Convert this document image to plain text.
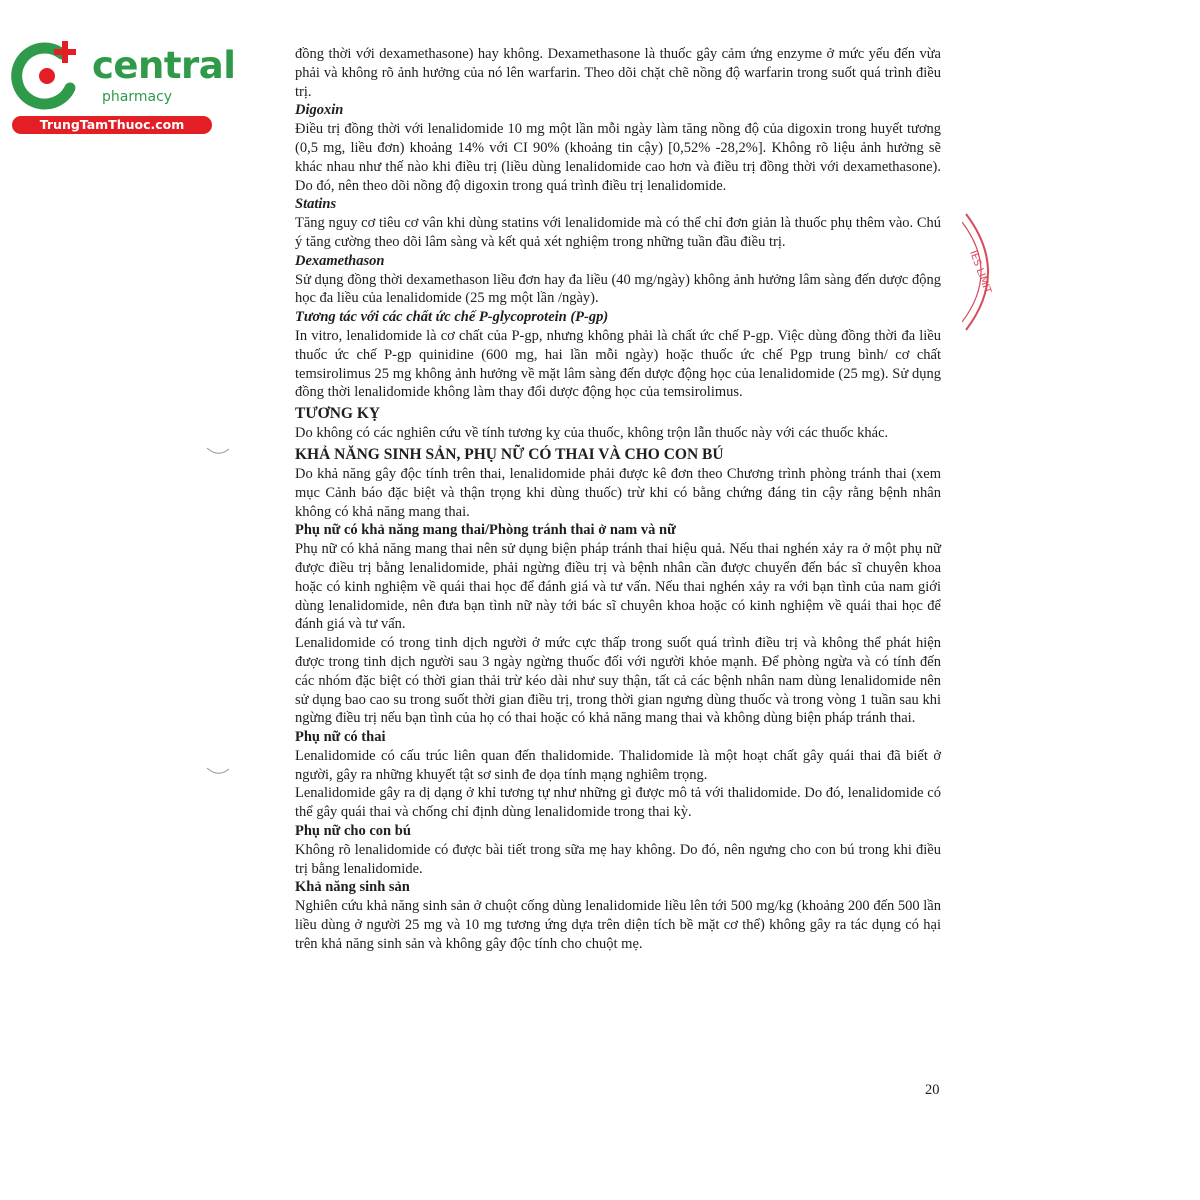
central
pharmacy
TrungTamThuoc.com
IES LIMIT

đồng thời với dexamethasone) hay không. Dexamethasone là thuốc gây cảm ứng enzyme ở mức yếu đến vừa phải và không rõ ảnh hưởng của nó lên warfarin. Theo dõi chặt chẽ nồng độ warfarin trong suốt quá trình điều trị.

Digoxin

Điều trị đồng thời với lenalidomide 10 mg một lần mỗi ngày làm tăng nồng độ của digoxin trong huyết tương (0,5 mg, liều đơn) khoảng 14% với CI 90% (khoảng tin cậy) [0,52% -28,2%]. Không rõ liệu ảnh hưởng sẽ khác nhau như thế nào khi điều trị (liều dùng lenalidomide cao hơn và điều trị đồng thời với dexamethasone). Do đó, nên theo dõi nồng độ digoxin trong quá trình điều trị lenalidomide.

Statins

Tăng nguy cơ tiêu cơ vân khi dùng statins với lenalidomide mà có thể chỉ đơn giản là thuốc phụ thêm vào. Chú ý tăng cường theo dõi lâm sàng và kết quả xét nghiệm trong những tuần đầu điều trị.

Dexamethason

Sử dụng đồng thời dexamethason liều đơn hay đa liều (40 mg/ngày) không ảnh hưởng lâm sàng đến dược động học đa liều của lenalidomide (25 mg một lần /ngày).

Tương tác với các chất ức chế P-glycoprotein (P-gp)

In vitro, lenalidomide là cơ chất của P-gp, nhưng không phải là chất ức chế P-gp. Việc dùng đồng thời đa liều thuốc ức chế P-gp quinidine (600 mg, hai lần mỗi ngày) hoặc thuốc ức chế Pgp trung bình/ cơ chất temsirolimus 25 mg không ảnh hưởng về mặt lâm sàng đến dược động học của lenalidomide (25 mg). Sử dụng đồng thời lenalidomide không làm thay đổi dược động học của temsirolimus.

TƯƠNG KỴ

Do không có các nghiên cứu về tính tương kỵ của thuốc, không trộn lẫn thuốc này với các thuốc khác.

KHẢ NĂNG SINH SẢN, PHỤ NỮ CÓ THAI VÀ CHO CON BÚ

Do khả năng gây độc tính trên thai, lenalidomide phải được kê đơn theo Chương trình phòng tránh thai (xem mục Cảnh báo đặc biệt và thận trọng khi dùng thuốc) trừ khi có bằng chứng đáng tin cậy rằng bệnh nhân không có khả năng mang thai.

Phụ nữ có khả năng mang thai/Phòng tránh thai ở nam và nữ

Phụ nữ có khả năng mang thai nên sử dụng biện pháp tránh thai hiệu quả. Nếu thai nghén xảy ra ở một phụ nữ được điều trị bằng lenalidomide, phải ngừng điều trị và bệnh nhân cần được chuyển đến bác sĩ chuyên khoa hoặc có kinh nghiệm về quái thai học để đánh giá và tư vấn. Nếu thai nghén xảy ra với bạn tình của nam giới dùng lenalidomide, nên đưa bạn tình nữ này tới bác sĩ chuyên khoa hoặc có kinh nghiệm về quái thai học để đánh giá và tư vấn.

Lenalidomide có trong tinh dịch người ở mức cực thấp trong suốt quá trình điều trị và không thể phát hiện được trong tinh dịch người sau 3 ngày ngừng thuốc đối với người khỏe mạnh. Để phòng ngừa và có tính đến các nhóm đặc biệt có thời gian thải trừ kéo dài như suy thận, tất cả các bệnh nhân nam dùng lenalidomide nên sử dụng bao cao su trong suốt thời gian điều trị, trong thời gian ngưng dùng thuốc và trong vòng 1 tuần sau khi ngừng điều trị nếu bạn tình của họ có thai hoặc có khả năng mang thai và không dùng biện pháp tránh thai.

Phụ nữ có thai

Lenalidomide có cấu trúc liên quan đến thalidomide. Thalidomide là một hoạt chất gây quái thai đã biết ở người, gây ra những khuyết tật sơ sinh đe dọa tính mạng nghiêm trọng.

Lenalidomide gây ra dị dạng ở khỉ tương tự như những gì được mô tả với thalidomide. Do đó, lenalidomide có thể gây quái thai và chống chỉ định dùng lenalidomide trong thai kỳ.

Phụ nữ cho con bú

Không rõ lenalidomide có được bài tiết trong sữa mẹ hay không. Do đó, nên ngưng cho con bú trong khi điều trị bằng lenalidomide.

Khả năng sinh sản

Nghiên cứu khả năng sinh sản ở chuột cống dùng lenalidomide liều lên tới 500 mg/kg (khoảng 200 đến 500 lần liều dùng ở người 25 mg và 10 mg tương ứng dựa trên diện tích bề mặt cơ thể) không gây ra tác dụng có hại trên khả năng sinh sản và không gây độc tính cho chuột mẹ.

20
